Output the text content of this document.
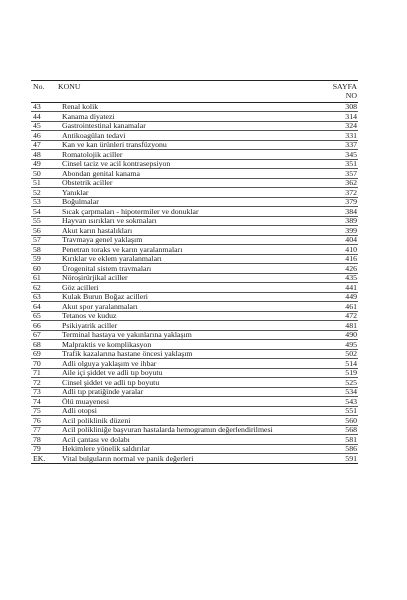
No.	KONU	SAYFA
NO
43	Renal kolik	308
44	Kanama diyatezi	314
45	Gastrointestinal kanamalar	324
46	Antikoagülan tedavi	331
47	Kan ve kan ürünleri transfüzyonu	337
48	Romatolojik aciller	345
49	Cinsel taciz ve acil kontrasepsiyon	351
50	Abondan genital kanama	357
51	Obstetrik aciller	362
52	Yanıklar	372
53	Boğulmalar	379
54	Sıcak çarpmaları - hipotermiler ve donuklar	384
55	Hayvan ısırıkları ve sokmaları	389
56	Akut karın hastalıkları	399
57	Travmaya genel yaklaşım	404
58	Penetran toraks ve karın yaralanmaları	410
59	Kırıklar ve eklem yaralanmaları	416
60	Ürogenital sistem travmaları	426
61	Nöroşirürjikal aciller	435
62	Göz acilleri	441
63	Kulak Burun Boğaz acilleri	449
64	Akut spor yaralanmaları	461
65	Tetanos ve kuduz	472
66	Psikiyatrik aciller	481
67	Terminal hastaya ve yakınlarına yaklaşım	490
68	Malpraktis ve komplikasyon	495
69	Trafik kazalarına hastane öncesi yaklaşım	502
70	Adli olguya yaklaşım ve ihbar	514
71	Aile içi şiddet ve adli tıp boyutu	519
72	Cinsel şiddet ve adli tıp boyutu	525
73	Adli tıp pratiğinde yaralar	534
74	Ölü muayenesi	543
75	Adli otopsi	551
76	Acil poliklinik düzeni	560
77	Acil polikliniğe başvuran hastalarda hemogramın değerlendirilmesi	568
78	Acil çantası ve dolabı	581
79	Hekimlere yönelik saldırılar	586
EK.	Vital bulguların normal ve panik değerleri	591
